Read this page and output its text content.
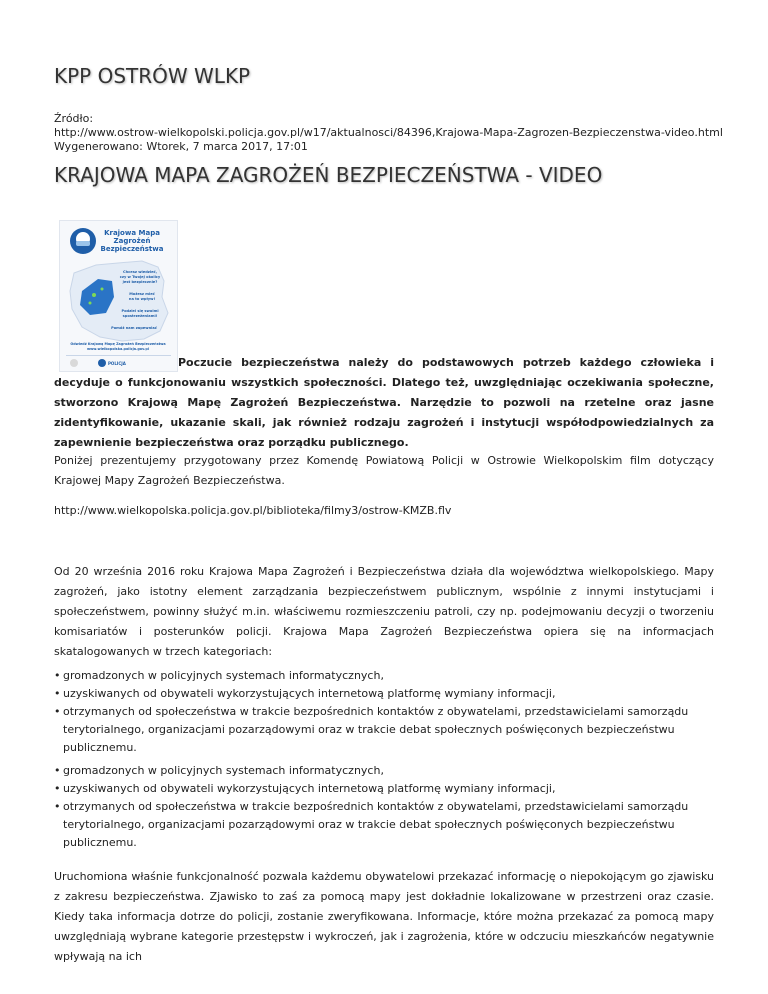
KPP OSTRÓW WLKP
Źródło:
http://www.ostrow-wielkopolski.policja.gov.pl/w17/aktualnosci/84396,Krajowa-Mapa-Zagrozen-Bezpieczenstwa-video.html
Wygenerowano: Wtorek, 7 marca 2017, 17:01
KRAJOWA MAPA ZAGROŻEŃ BEZPIECZEŃSTWA - VIDEO
Krajowa Mapa
Zagrożeń
Bezpieczeństwa
Chcesz wiedzieć,
czy w Twojej okolicy
jest bezpiecznie?
Możesz mieć
na to wpływ!
Podziel się swoimi
spostrzeżeniami!
Pomóż nam zapewniać
Odwiedź Krajową Mapę Zagrożeń Bezpieczeństwa
www.wielkopolska.policja.gov.pl
POLICJA	Poczucie bezpieczeństwa należy do podstawowych potrzeb każdego człowieka i decyduje o funkcjonowaniu wszystkich społeczności. Dlatego też, uwzględniając oczekiwania społeczne, stworzono Krajową Mapę Zagrożeń Bezpieczeństwa. Narzędzie to pozwoli na rzetelne oraz jasne zidentyfikowanie, ukazanie skali, jak również rodzaju zagrożeń i instytucji współodpowiedzialnych za zapewnienie bezpieczeństwa oraz porządku publicznego.

Poniżej prezentujemy przygotowany przez Komendę Powiatową Policji w Ostrowie Wielkopolskim film dotyczący Krajowej Mapy Zagrożeń Bezpieczeństwa.

http://www.wielkopolska.policja.gov.pl/biblioteka/filmy3/ostrow-KMZB.flv

Od 20 września 2016 roku Krajowa Mapa Zagrożeń i Bezpieczeństwa działa dla województwa wielkopolskiego. Mapy zagrożeń, jako istotny element zarządzania bezpieczeństwem publicznym, wspólnie z innymi instytucjami i społeczeństwem, powinny służyć m.in. właściwemu rozmieszczeniu patroli, czy np. podejmowaniu decyzji o tworzeniu komisariatów i posterunków policji. Krajowa Mapa Zagrożeń Bezpieczeństwa opiera się na informacjach skatalogowanych w trzech kategoriach:

• gromadzonych w policyjnych systemach informatycznych,
• uzyskiwanych od obywateli wykorzystujących internetową platformę wymiany informacji,
• otrzymanych od społeczeństwa w trakcie bezpośrednich kontaktów z obywatelami, przedstawicielami samorządu terytorialnego, organizacjami pozarządowymi oraz w trakcie debat społecznych poświęconych bezpieczeństwu publicznemu.
• gromadzonych w policyjnych systemach informatycznych,
• uzyskiwanych od obywateli wykorzystujących internetową platformę wymiany informacji,
• otrzymanych od społeczeństwa w trakcie bezpośrednich kontaktów z obywatelami, przedstawicielami samorządu terytorialnego, organizacjami pozarządowymi oraz w trakcie debat społecznych poświęconych bezpieczeństwu publicznemu.

Uruchomiona właśnie funkcjonalność pozwala każdemu obywatelowi przekazać informację o niepokojącym go zjawisku z zakresu bezpieczeństwa. Zjawisko to zaś za pomocą mapy jest dokładnie lokalizowane w przestrzeni oraz czasie. Kiedy taka informacja dotrze do policji, zostanie zweryfikowana. Informacje, które można przekazać za pomocą mapy uwzględniają wybrane kategorie przestępstw i wykroczeń, jak i zagrożenia, które w odczuciu mieszkańców negatywnie wpływają na ich
